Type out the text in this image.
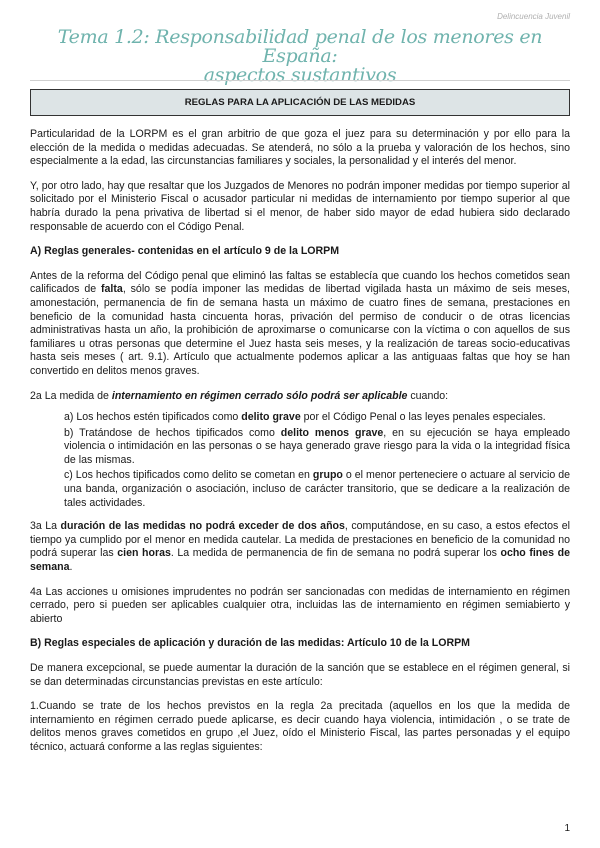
Delincuencia Juvenil
Tema 1.2: Responsabilidad penal de los menores en España:
aspectos sustantivos
REGLAS PARA LA APLICACIÓN DE LAS MEDIDAS

Particularidad de la LORPM es el gran arbitrio de que goza el juez para su determinación y por ello para la elección de la medida o medidas adecuadas. Se atenderá, no sólo a la prueba y valoración de los hechos, sino especialmente a la edad, las circunstancias familiares y sociales, la personalidad y el interés del menor.

Y, por otro lado, hay que resaltar que los Juzgados de Menores no podrán imponer medidas por tiempo superior al solicitado por el Ministerio Fiscal o acusador particular ni medidas de internamiento por tiempo superior al que habría durado la pena privativa de libertad si el menor, de haber sido mayor de edad hubiera sido declarado responsable de acuerdo con el Código Penal.

A) Reglas generales- contenidas en el artículo 9 de la LORPM

Antes de la reforma del Código penal que eliminó las faltas se establecía que cuando los hechos cometidos sean calificados de falta, sólo se podía imponer las medidas de libertad vigilada hasta un máximo de seis meses, amonestación, permanencia de fin de semana hasta un máximo de cuatro fines de semana, prestaciones en beneficio de la comunidad hasta cincuenta horas, privación del permiso de conducir o de otras licencias administrativas hasta un año, la prohibición de aproximarse o comunicarse con la víctima o con aquellos de sus familiares u otras personas que determine el Juez hasta seis meses, y la realización de tareas socio-educativas hasta seis meses ( art. 9.1). Artículo que actualmente podemos aplicar a las antiguaas faltas que hoy se han convertido en delitos menos graves.

2a La medida de internamiento en régimen cerrado sólo podrá ser aplicable cuando:

a) Los hechos estén tipificados como delito grave por el Código Penal o las leyes penales especiales.

b) Tratándose de hechos tipificados como delito menos grave, en su ejecución se haya empleado violencia o intimidación en las personas o se haya generado grave riesgo para la vida o la integridad física de las mismas.

c) Los hechos tipificados como delito se cometan en grupo o el menor perteneciere o actuare al servicio de una banda, organización o asociación, incluso de carácter transitorio, que se dedicare a la realización de tales actividades.

3a La duración de las medidas no podrá exceder de dos años, computándose, en su caso, a estos efectos el tiempo ya cumplido por el menor en medida cautelar. La medida de prestaciones en beneficio de la comunidad no podrá superar las cien horas. La medida de permanencia de fin de semana no podrá superar los ocho fines de semana.

4a Las acciones u omisiones imprudentes no podrán ser sancionadas con medidas de internamiento en régimen cerrado, pero si pueden ser aplicables cualquier otra, incluidas las de internamiento en régimen semiabierto y abierto

B) Reglas especiales de aplicación y duración de las medidas: Artículo 10 de la LORPM

De manera excepcional, se puede aumentar la duración de la sanción que se establece en el régimen general, si se dan determinadas circunstancias previstas en este artículo:

1.Cuando se trate de los hechos previstos en la regla 2a precitada (aquellos en los que la medida de internamiento en régimen cerrado puede aplicarse, es decir cuando haya violencia, intimidación , o se trate de delitos menos graves cometidos en grupo ,el Juez, oído el Ministerio Fiscal, las partes personadas y el equipo técnico, actuará conforme a las reglas siguientes:

1
